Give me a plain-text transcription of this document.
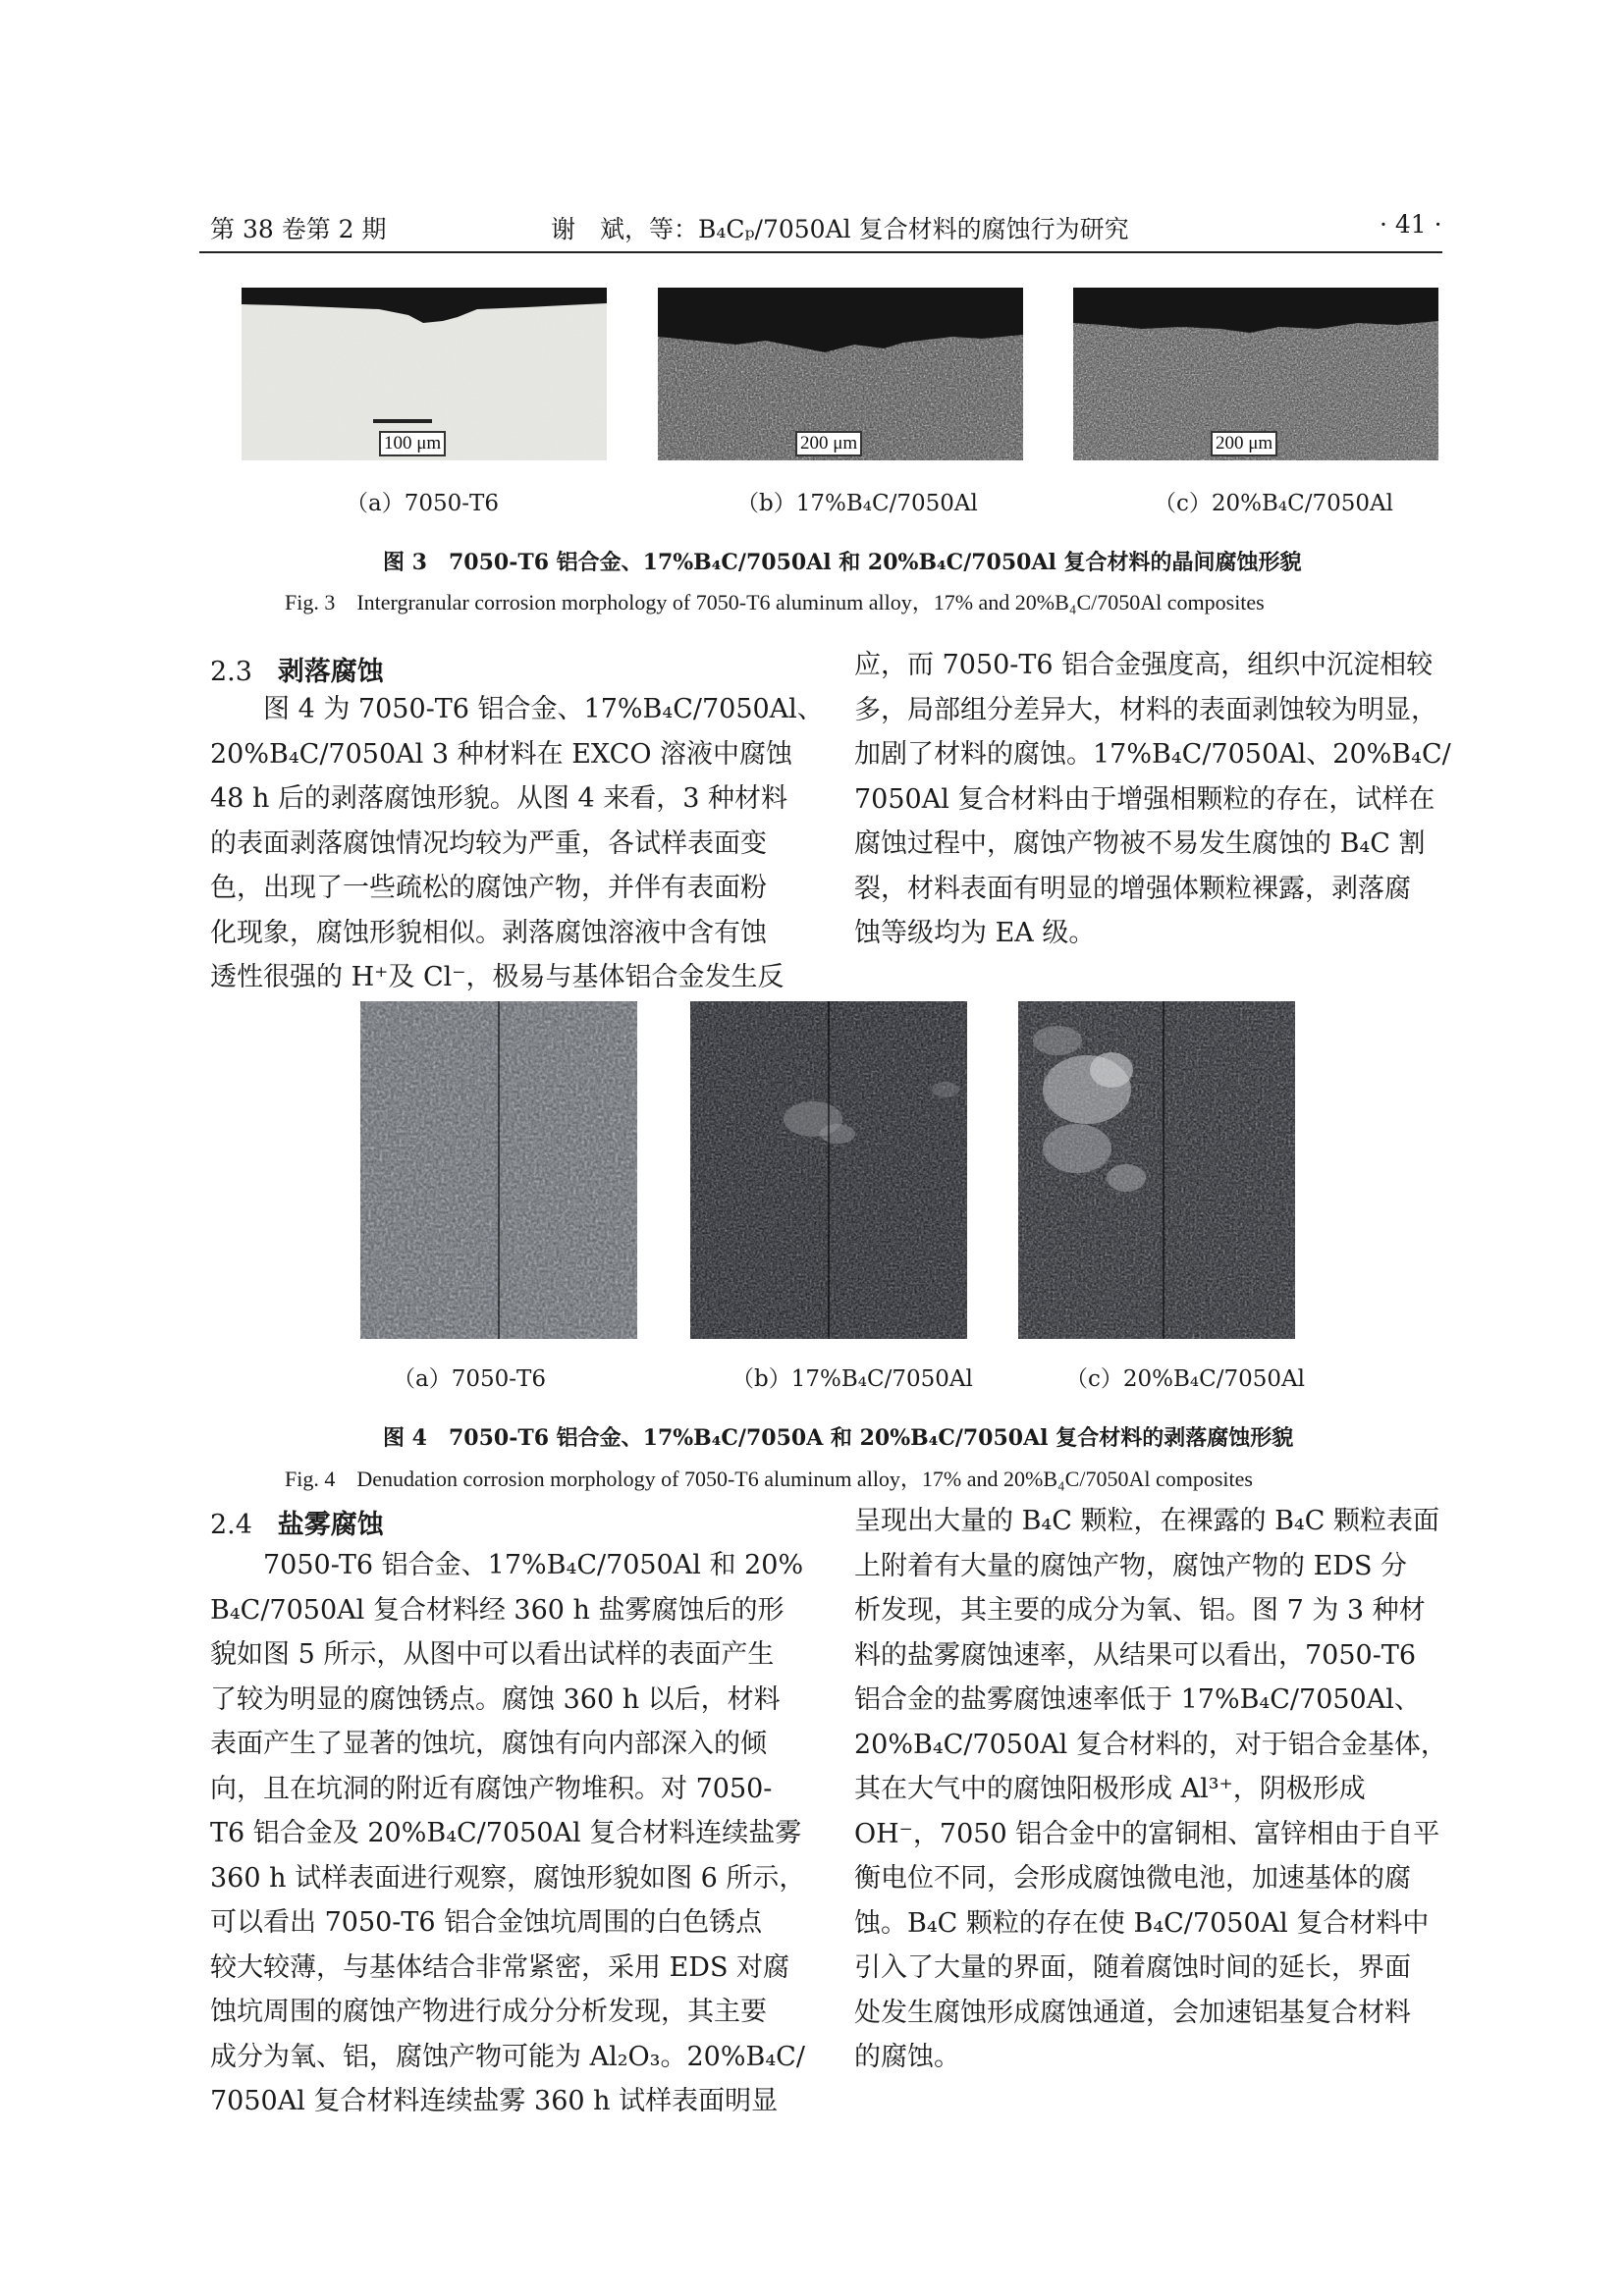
第 38 卷第 2 期	谢　斌，等：B₄Cₚ/7050Al 复合材料的腐蚀行为研究	· 41 ·
100 μm	200 μm	200 μm
（a）7050-T6	（b）17%B₄C/7050Al	（c）20%B₄C/7050Al
图 3　7050-T6 铝合金、17%B₄C/7050Al 和 20%B₄C/7050Al 复合材料的晶间腐蚀形貌
Fig. 3　Intergranular corrosion morphology of 7050-T6 aluminum alloy，17% and 20%B₄C/7050Al composites
2.3 剥落腐蚀
　　图 4 为 7050-T6 铝合金、17%B₄C/7050Al、
20%B₄C/7050Al 3 种材料在 EXCO 溶液中腐蚀
48 h 后的剥落腐蚀形貌。从图 4 来看，3 种材料
的表面剥落腐蚀情况均较为严重，各试样表面变
色，出现了一些疏松的腐蚀产物，并伴有表面粉
化现象，腐蚀形貌相似。剥落腐蚀溶液中含有蚀
透性很强的 H⁺及 Cl⁻，极易与基体铝合金发生反
应，而 7050-T6 铝合金强度高，组织中沉淀相较
多，局部组分差异大，材料的表面剥蚀较为明显，
加剧了材料的腐蚀。17%B₄C/7050Al、20%B₄C/
7050Al 复合材料由于增强相颗粒的存在，试样在
腐蚀过程中，腐蚀产物被不易发生腐蚀的 B₄C 割
裂，材料表面有明显的增强体颗粒裸露，剥落腐
蚀等级均为 EA 级。
（a）7050-T6	（b）17%B₄C/7050Al	（c）20%B₄C/7050Al
图 4　7050-T6 铝合金、17%B₄C/7050A 和 20%B₄C/7050Al 复合材料的剥落腐蚀形貌
Fig. 4　Denudation corrosion morphology of 7050-T6 aluminum alloy，17% and 20%B₄C/7050Al composites
2.4 盐雾腐蚀
　　7050-T6 铝合金、17%B₄C/7050Al 和 20%
B₄C/7050Al 复合材料经 360 h 盐雾腐蚀后的形
貌如图 5 所示，从图中可以看出试样的表面产生
了较为明显的腐蚀锈点。腐蚀 360 h 以后，材料
表面产生了显著的蚀坑，腐蚀有向内部深入的倾
向，且在坑洞的附近有腐蚀产物堆积。对 7050-
T6 铝合金及 20%B₄C/7050Al 复合材料连续盐雾
360 h 试样表面进行观察，腐蚀形貌如图 6 所示，
可以看出 7050-T6 铝合金蚀坑周围的白色锈点
较大较薄，与基体结合非常紧密，采用 EDS 对腐
蚀坑周围的腐蚀产物进行成分分析发现，其主要
成分为氧、铝，腐蚀产物可能为 Al₂O₃。20%B₄C/
7050Al 复合材料连续盐雾 360 h 试样表面明显
呈现出大量的 B₄C 颗粒，在裸露的 B₄C 颗粒表面
上附着有大量的腐蚀产物，腐蚀产物的 EDS 分
析发现，其主要的成分为氧、铝。图 7 为 3 种材
料的盐雾腐蚀速率，从结果可以看出，7050-T6
铝合金的盐雾腐蚀速率低于 17%B₄C/7050Al、
20%B₄C/7050Al 复合材料的，对于铝合金基体，
其在大气中的腐蚀阳极形成 Al³⁺，阴极形成
OH⁻，7050 铝合金中的富铜相、富锌相由于自平
衡电位不同，会形成腐蚀微电池，加速基体的腐
蚀。B₄C 颗粒的存在使 B₄C/7050Al 复合材料中
引入了大量的界面，随着腐蚀时间的延长，界面
处发生腐蚀形成腐蚀通道，会加速铝基复合材料
的腐蚀。
